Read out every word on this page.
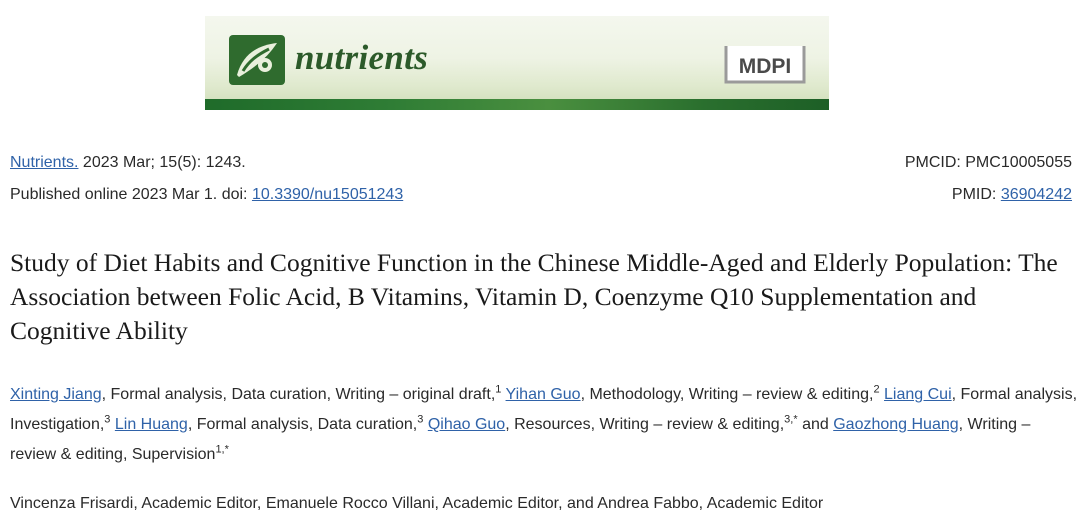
nutrients	MDPI
Nutrients. 2023 Mar; 15(5): 1243.
Published online 2023 Mar 1. doi: 10.3390/nu15051243
PMCID: PMC10005055
PMID: 36904242
Study of Diet Habits and Cognitive Function in the Chinese Middle-Aged and Elderly Population: The Association between Folic Acid, B Vitamins, Vitamin D, Coenzyme Q10 Supplementation and Cognitive Ability
Xinting Jiang, Formal analysis, Data curation, Writing – original draft,$^1$ Yihan Guo, Methodology, Writing – review & editing,$^2$ Liang Cui, Formal analysis, Investigation,$^3$ Lin Huang, Formal analysis, Data curation,$^3$ Qihao Guo, Resources, Writing – review & editing,$^{3,*}$ and Gaozhong Huang, Writing – review & editing, Supervision$^{1,*}$
Vincenza Frisardi, Academic Editor, Emanuele Rocco Villani, Academic Editor, and Andrea Fabbo, Academic Editor
